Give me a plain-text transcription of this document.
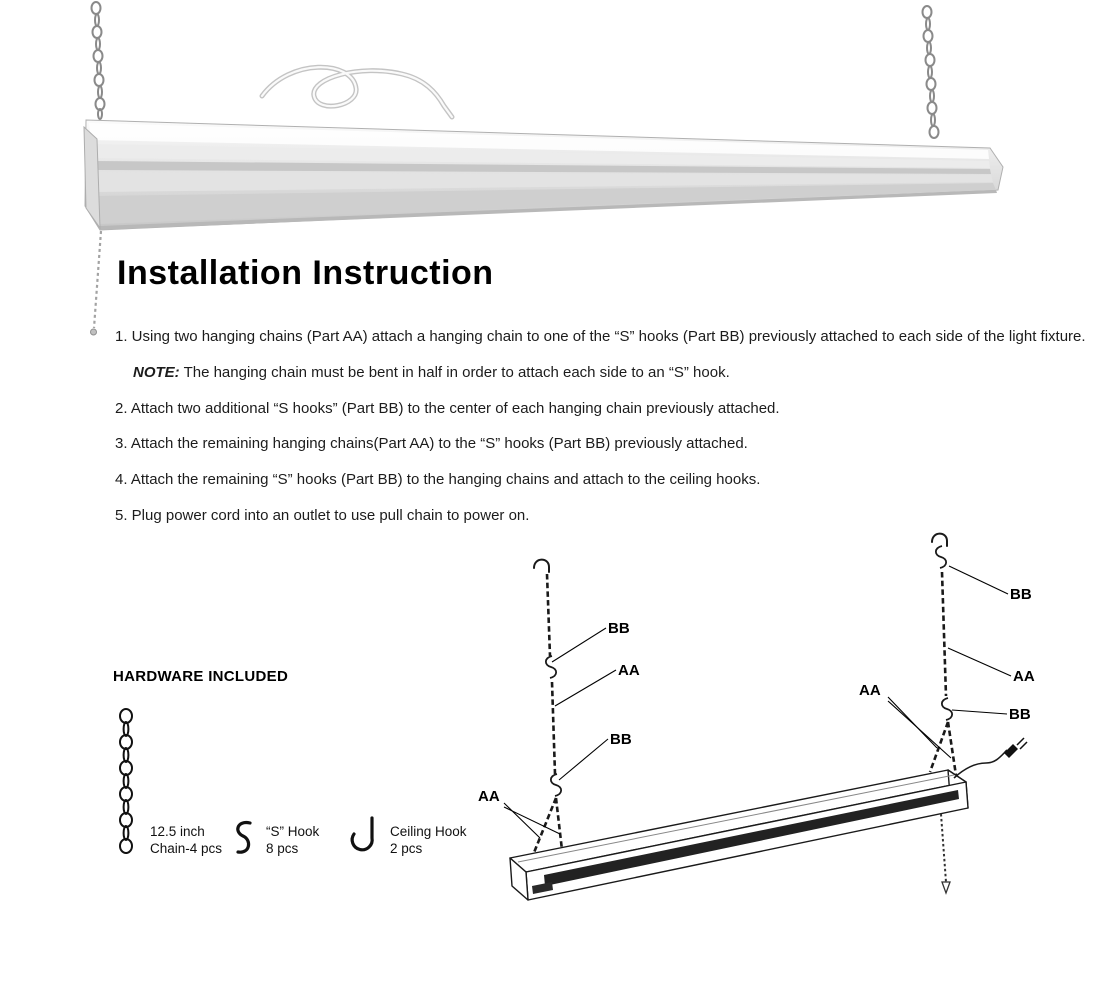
Installation Instruction

1. Using two hanging chains (Part AA) attach a hanging chain to one of the “S” hooks (Part BB) previously attached to each side of the light fixture.

NOTE: The hanging chain must be bent in half in order to attach each side to an “S” hook.

2. Attach two additional “S hooks” (Part BB) to the center of each hanging chain previously attached.

3. Attach the remaining hanging chains(Part AA) to the “S” hooks (Part BB) previously attached.

4. Attach the remaining “S” hooks (Part BB) to the hanging chains and attach to the ceiling hooks.

5. Plug power cord into an outlet to use pull chain to power on.

HARDWARE INCLUDED
12.5 inch
Chain-4 pcs
“S” Hook
8 pcs
Ceiling Hook
2 pcs
BB
AA
BB
AA
BB
AA
BB
AA
